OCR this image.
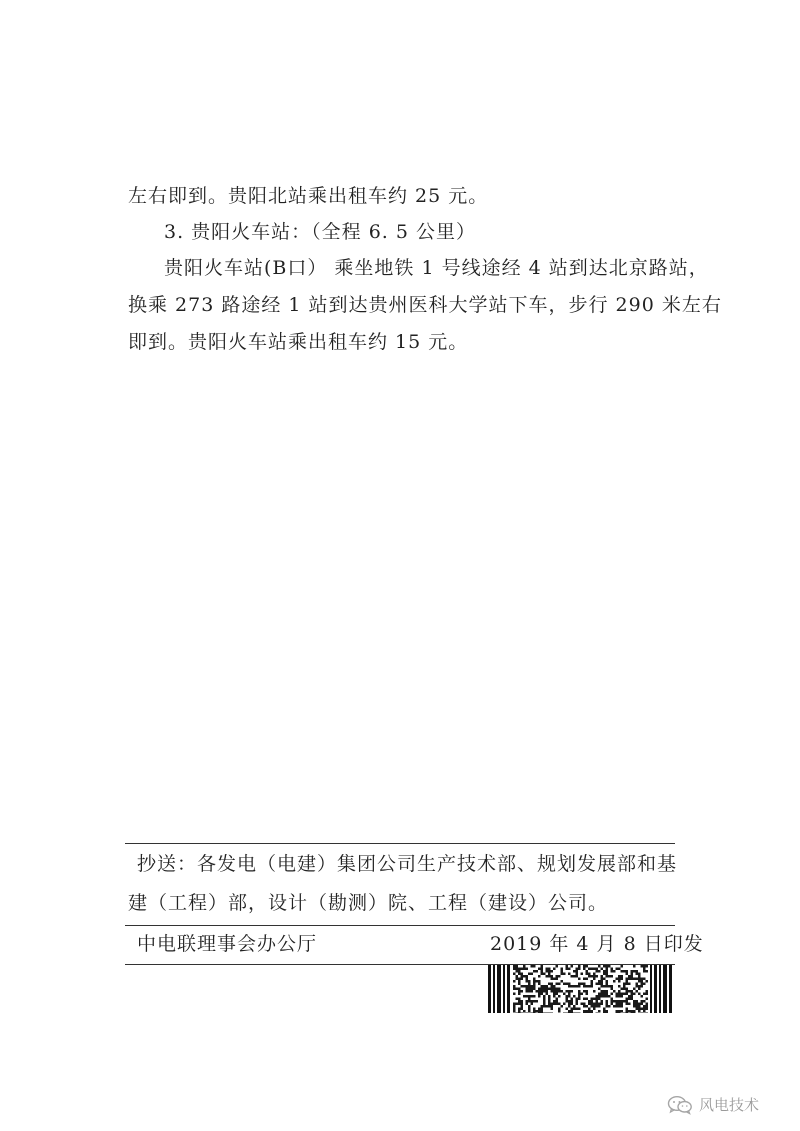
左右即到。贵阳北站乘出租车约 25 元。
3. 贵阳火车站：（全程 6. 5 公里）
贵阳火车站(B口） 乘坐地铁 1 号线途经 4 站到达北京路站，
换乘 273 路途经 1 站到达贵州医科大学站下车，步行 290 米左右
即到。贵阳火车站乘出租车约 15 元。
抄送：各发电（电建）集团公司生产技术部、规划发展部和基
建（工程）部，设计（勘测）院、工程（建设）公司。
中电联理事会办公厅	2019 年 4 月 8 日印发
风电技术
